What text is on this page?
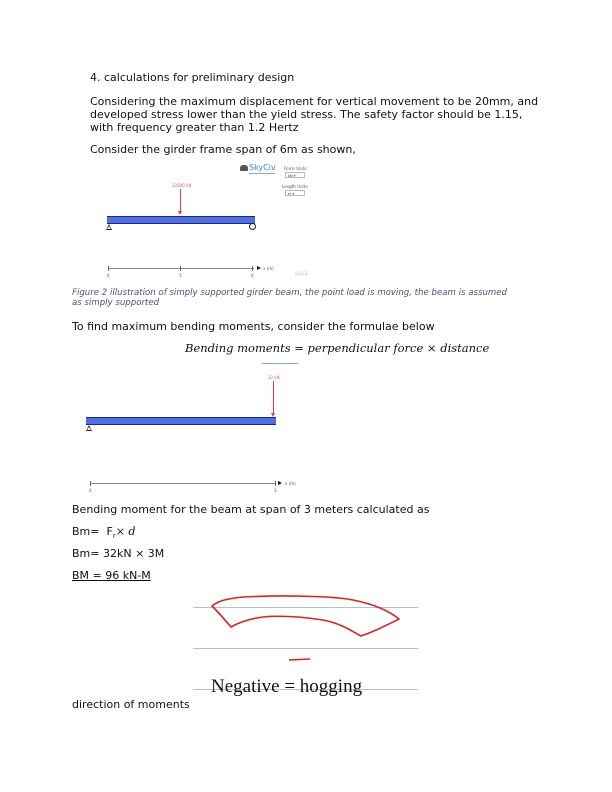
4. calculations for preliminary design
Considering the maximum displacement for vertical movement to be 20mm, and
developed stress lower than the yield stress. The safety factor should be 1.15,
with frequency greater than 1.2 Hertz
Consider the girder frame span of 6m as shown,
SkyCiv Force Units:
kN ▾
Length Units:
m ▾
32000 kN
0	3	6
x (m)
v2.5.1
Figure 2 illustration of simply supported girder beam, the point load is moving, the beam is assumed
as simply supported
To find maximum bending moments, consider the formulae below
Bending moments = perpendicular force × distance
32 kN
0	3
x (m)
Bending moment for the beam at span of 3 meters calculated as
$Bm= F_r\times d$
Bm= 32kN × 3M
BM = 96 kN-M
Negative = hogging
direction of moments
